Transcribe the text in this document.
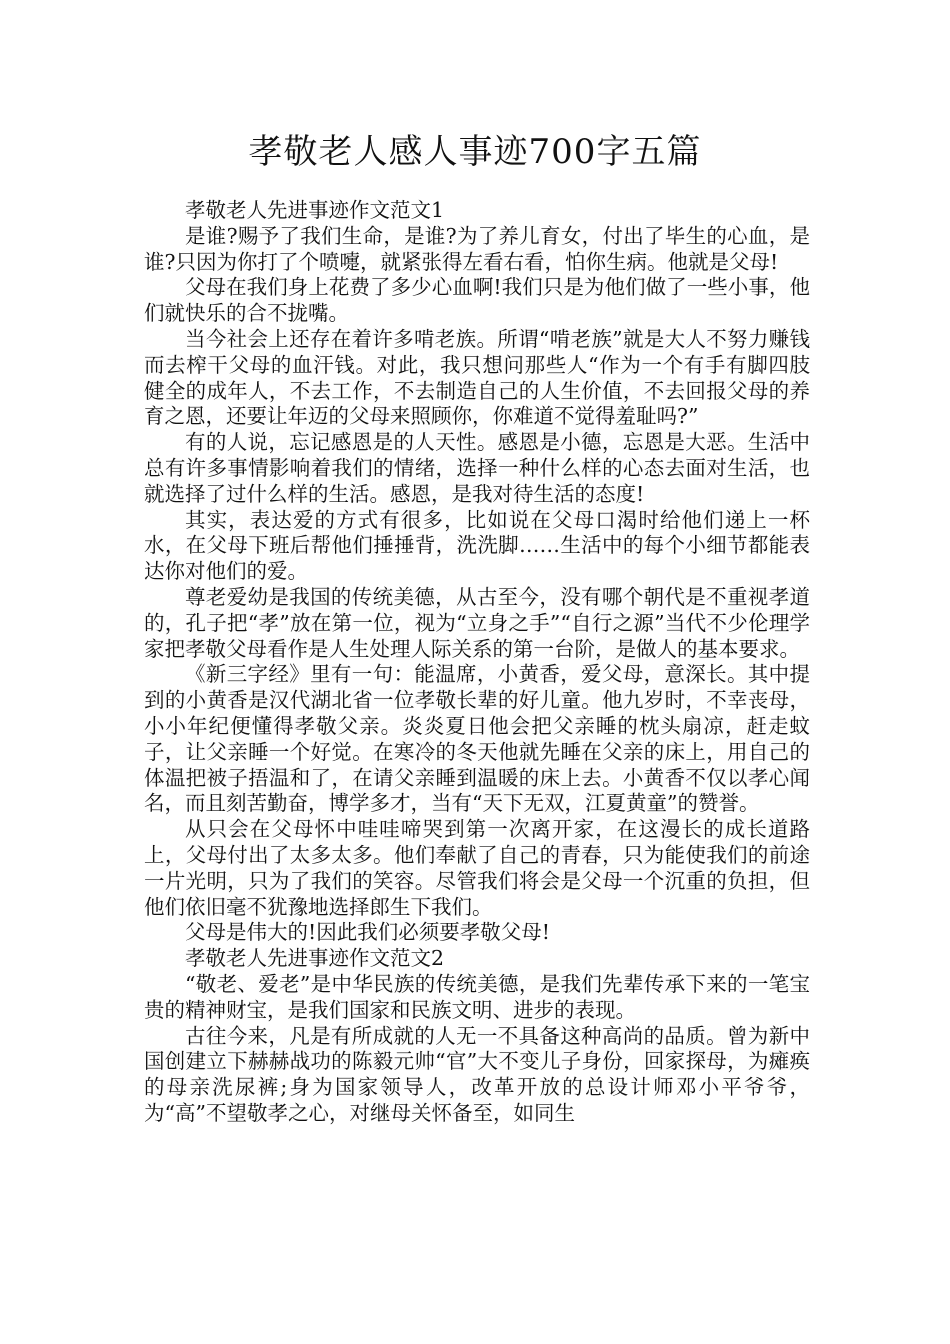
孝敬老人感人事迹700字五篇

孝敬老人先进事迹作文范文1

是谁?赐予了我们生命，是谁?为了养儿育女，付出了毕生的心血，是谁?只因为你打了个喷嚏，就紧张得左看右看，怕你生病。他就是父母!

父母在我们身上花费了多少心血啊!我们只是为他们做了一些小事，他们就快乐的合不拢嘴。

当今社会上还存在着许多啃老族。所谓“啃老族”就是大人不努力赚钱而去榨干父母的血汗钱。对此，我只想问那些人“作为一个有手有脚四肢健全的成年人，不去工作，不去制造自己的人生价值，不去回报父母的养育之恩，还要让年迈的父母来照顾你，你难道不觉得羞耻吗?”

有的人说，忘记感恩是的人天性。感恩是小德，忘恩是大恶。生活中总有许多事情影响着我们的情绪，选择一种什么样的心态去面对生活，也就选择了过什么样的生活。感恩，是我对待生活的态度!

其实，表达爱的方式有很多，比如说在父母口渴时给他们递上一杯水，在父母下班后帮他们捶捶背，洗洗脚……生活中的每个小细节都能表达你对他们的爱。

尊老爱幼是我国的传统美德，从古至今，没有哪个朝代是不重视孝道的，孔子把“孝”放在第一位，视为“立身之手”“自行之源”当代不少伦理学家把孝敬父母看作是人生处理人际关系的第一台阶，是做人的基本要求。

《新三字经》里有一句：能温席，小黄香，爱父母，意深长。其中提到的小黄香是汉代湖北省一位孝敬长辈的好儿童。他九岁时，不幸丧母，小小年纪便懂得孝敬父亲。炎炎夏日他会把父亲睡的枕头扇凉，赶走蚊子，让父亲睡一个好觉。在寒冷的冬天他就先睡在父亲的床上，用自己的体温把被子捂温和了，在请父亲睡到温暖的床上去。小黄香不仅以孝心闻名，而且刻苦勤奋，博学多才，当有“天下无双，江夏黄童”的赞誉。

从只会在父母怀中哇哇啼哭到第一次离开家，在这漫长的成长道路上，父母付出了太多太多。他们奉献了自己的青春，只为能使我们的前途一片光明，只为了我们的笑容。尽管我们将会是父母一个沉重的负担，但他们依旧毫不犹豫地选择郎生下我们。

父母是伟大的!因此我们必须要孝敬父母!

孝敬老人先进事迹作文范文2

“敬老、爱老”是中华民族的传统美德，是我们先辈传承下来的一笔宝贵的精神财宝，是我们国家和民族文明、进步的表现。

古往今来，凡是有所成就的人无一不具备这种高尚的品质。曾为新中国创建立下赫赫战功的陈毅元帅“官”大不变儿子身份，回家探母，为瘫痪的母亲洗尿裤;身为国家领导人，改革开放的总设计师邓小平爷爷，为“高”不望敬孝之心，对继母关怀备至，如同生
